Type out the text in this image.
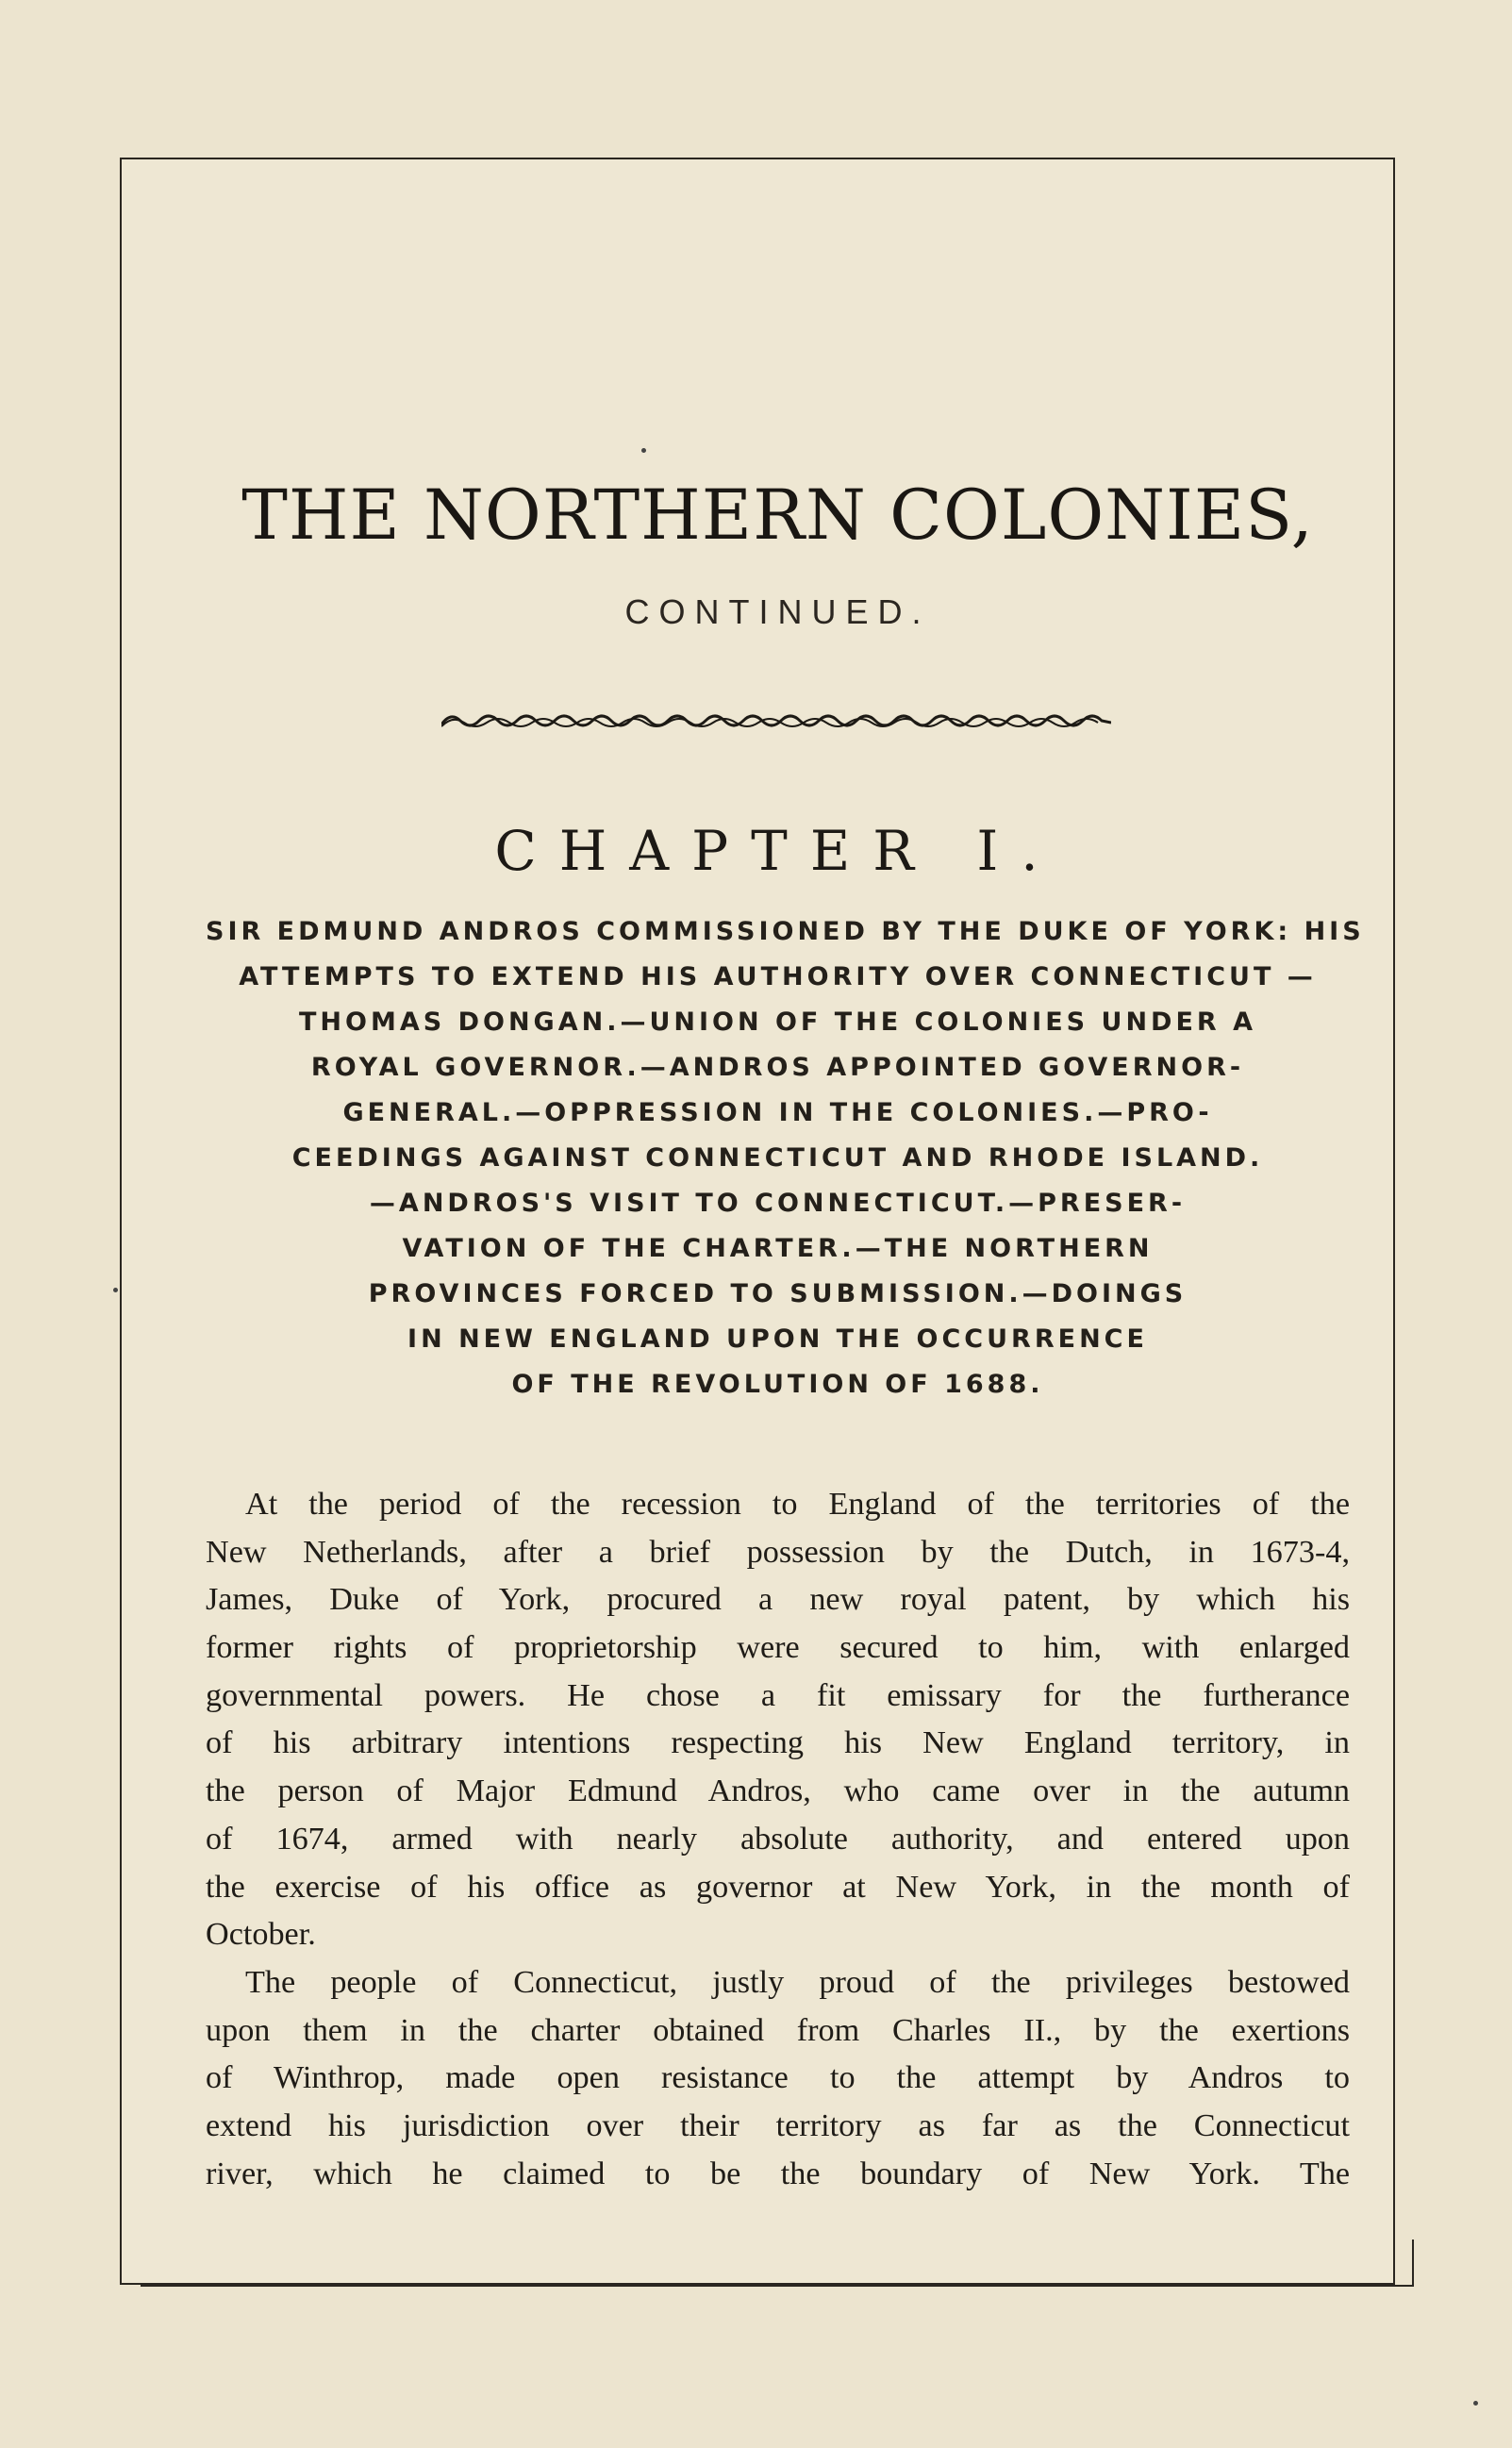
THE NORTHERN COLONIES,
CONTINUED.
CHAPTER I.
SIR EDMUND ANDROS COMMISSIONED BY THE DUKE OF YORK: HIS
ATTEMPTS TO EXTEND HIS AUTHORITY OVER CONNECTICUT —
THOMAS DONGAN.—UNION OF THE COLONIES UNDER A
ROYAL GOVERNOR.—ANDROS APPOINTED GOVERNOR-
GENERAL.—OPPRESSION IN THE COLONIES.—PRO-
CEEDINGS AGAINST CONNECTICUT AND RHODE ISLAND.
—ANDROS'S VISIT TO CONNECTICUT.—PRESER-
VATION OF THE CHARTER.—THE NORTHERN
PROVINCES FORCED TO SUBMISSION.—DOINGS
IN NEW ENGLAND UPON THE OCCURRENCE
OF THE REVOLUTION OF 1688.
At the period of the recession to England of the territories of the
New Netherlands, after a brief possession by the Dutch, in 1673-4,
James, Duke of York, procured a new royal patent, by which his
former rights of proprietorship were secured to him, with enlarged
governmental powers. He chose a fit emissary for the furtherance
of his arbitrary intentions respecting his New England territory, in
the person of Major Edmund Andros, who came over in the autumn
of 1674, armed with nearly absolute authority, and entered upon
the exercise of his office as governor at New York, in the month of
October.
The people of Connecticut, justly proud of the privileges bestowed
upon them in the charter obtained from Charles II., by the exertions
of Winthrop, made open resistance to the attempt by Andros to
extend his jurisdiction over their territory as far as the Connecticut
river, which he claimed to be the boundary of New York. The
